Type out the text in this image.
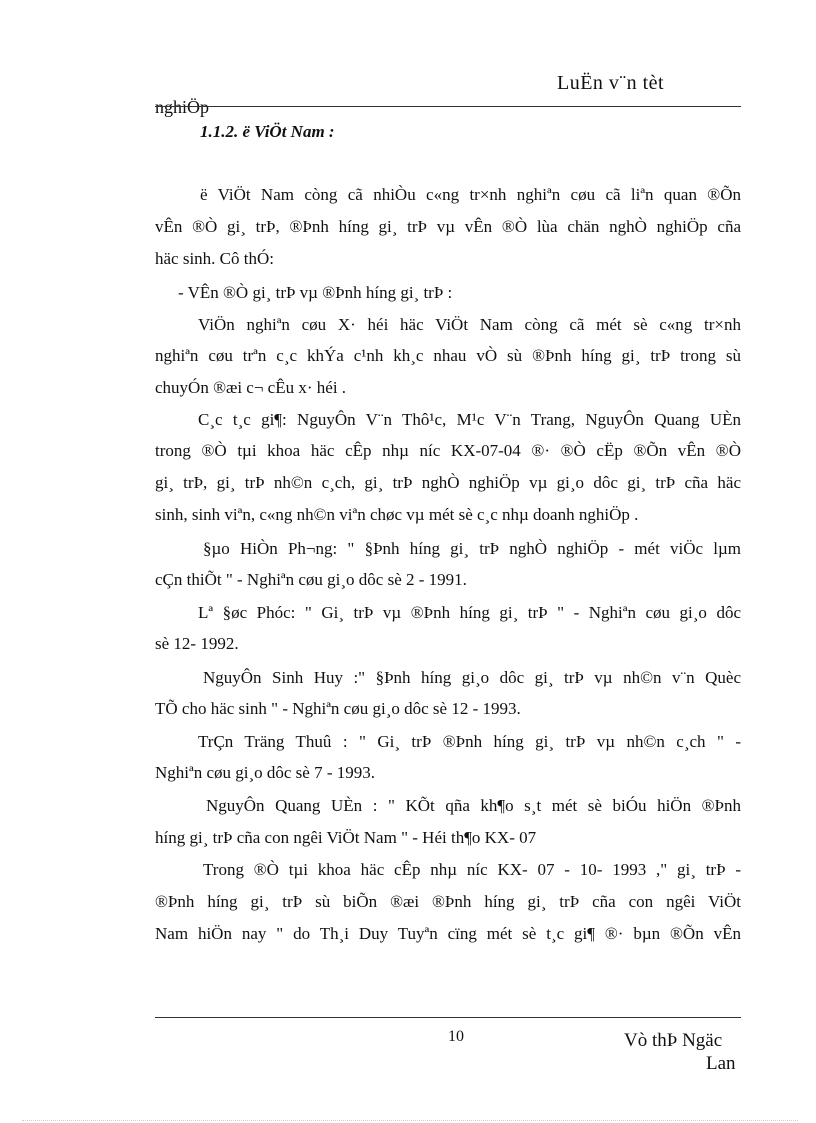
LuËn v¨n tèt
nghiÖp
1.1.2. ë ViÖt Nam :
ë ViÖt Nam còng cã nhiÒu c«ng tr×nh nghiªn cøu cã liªn quan ®Õn
vÊn ®Ò gi¸ trÞ, ®Þnh híng gi¸ trÞ vµ vÊn ®Ò lùa chän nghÒ nghiÖp cña
häc sinh. Cô thÓ:
- VÊn ®Ò gi¸ trÞ vµ ®Þnh híng gi¸ trÞ :
ViÖn nghiªn cøu X· héi häc ViÖt Nam còng cã mét sè c«ng tr×nh
nghiªn cøu trªn c¸c khÝa c¹nh kh¸c nhau vÒ sù ®Þnh híng gi¸ trÞ trong sù
chuyÓn ®æi c¬ cÊu x· héi .
C¸c t¸c gi¶: NguyÔn V¨n Thô¹c, M¹c V¨n Trang, NguyÔn Quang UÈn
trong ®Ò tµi khoa häc cÊp nhµ níc KX-07-04 ®· ®Ò cËp ®Õn vÊn ®Ò
gi¸ trÞ, gi¸ trÞ nh©n c¸ch, gi¸ trÞ nghÒ nghiÖp vµ gi¸o dôc gi¸ trÞ cña häc
sinh, sinh viªn, c«ng nh©n viªn chøc vµ mét sè c¸c nhµ doanh nghiÖp .
§µo HiÒn Ph¬ng: " §Þnh híng gi¸ trÞ nghÒ nghiÖp - mét viÖc lµm
cÇn thiÕt " - Nghiªn cøu gi¸o dôc sè 2 - 1991.
Lª §øc Phóc: " Gi¸ trÞ vµ ®Þnh híng gi¸ trÞ " - Nghiªn cøu gi¸o dôc
sè 12- 1992.
NguyÔn Sinh Huy :" §Þnh híng gi¸o dôc gi¸ trÞ vµ nh©n v¨n Quèc
TÕ cho häc sinh " - Nghiªn cøu gi¸o dôc sè 12 - 1993.
TrÇn Träng Thuû : " Gi¸ trÞ ®Þnh híng gi¸ trÞ vµ nh©n c¸ch " -
Nghiªn cøu gi¸o dôc sè 7 - 1993.
NguyÔn Quang UÈn : " KÕt qña kh¶o s¸t mét sè biÓu hiÖn ®Þnh
híng gi¸ trÞ cña con ngêi ViÖt Nam " - Héi th¶o KX- 07
Trong ®Ò tµi khoa häc cÊp nhµ níc KX- 07 - 10- 1993 ," gi¸ trÞ -
®Þnh híng gi¸ trÞ sù biÕn ®æi ®Þnh híng gi¸ trÞ cña con ngêi ViÖt
Nam hiÖn nay " do Th¸i Duy Tuyªn cïng mét sè t¸c gi¶ ®· bµn ®Õn vÊn
10	Vò thÞ Ngäc
Lan
